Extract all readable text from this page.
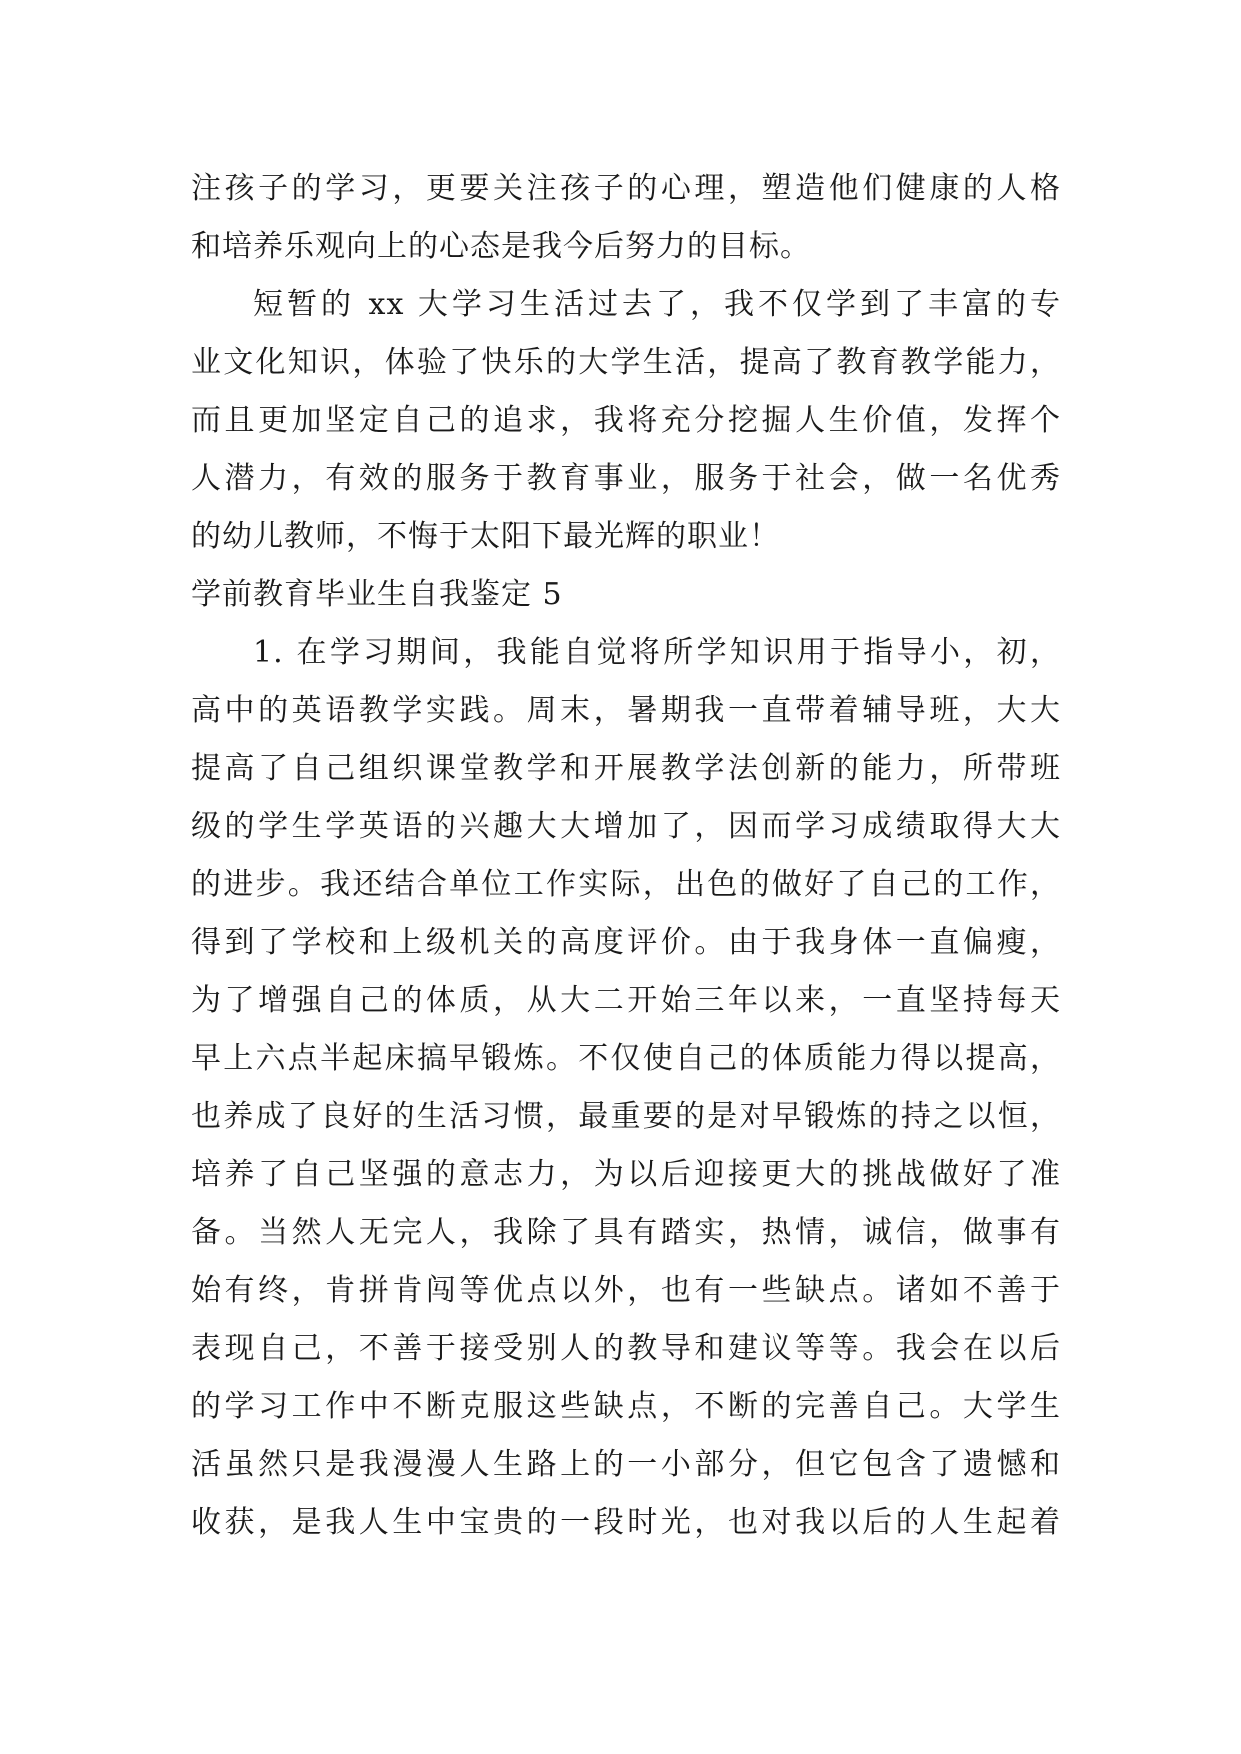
注孩子的学习，更要关注孩子的心理，塑造他们健康的人格
和培养乐观向上的心态是我今后努力的目标。
短暂的 xx 大学习生活过去了，我不仅学到了丰富的专
业文化知识，体验了快乐的大学生活，提高了教育教学能力，
而且更加坚定自己的追求，我将充分挖掘人生价值，发挥个
人潜力，有效的服务于教育事业，服务于社会，做一名优秀
的幼儿教师，不悔于太阳下最光辉的职业！
学前教育毕业生自我鉴定 5
1. 在学习期间，我能自觉将所学知识用于指导小，初，
高中的英语教学实践。周末，暑期我一直带着辅导班，大大
提高了自己组织课堂教学和开展教学法创新的能力，所带班
级的学生学英语的兴趣大大增加了，因而学习成绩取得大大
的进步。我还结合单位工作实际，出色的做好了自己的工作，
得到了学校和上级机关的高度评价。由于我身体一直偏瘦，
为了增强自己的体质，从大二开始三年以来，一直坚持每天
早上六点半起床搞早锻炼。不仅使自己的体质能力得以提高，
也养成了良好的生活习惯，最重要的是对早锻炼的持之以恒，
培养了自己坚强的意志力，为以后迎接更大的挑战做好了准
备。当然人无完人，我除了具有踏实，热情，诚信，做事有
始有终，肯拼肯闯等优点以外，也有一些缺点。诸如不善于
表现自己，不善于接受别人的教导和建议等等。我会在以后
的学习工作中不断克服这些缺点，不断的完善自己。大学生
活虽然只是我漫漫人生路上的一小部分，但它包含了遗憾和
收获，是我人生中宝贵的一段时光，也对我以后的人生起着
